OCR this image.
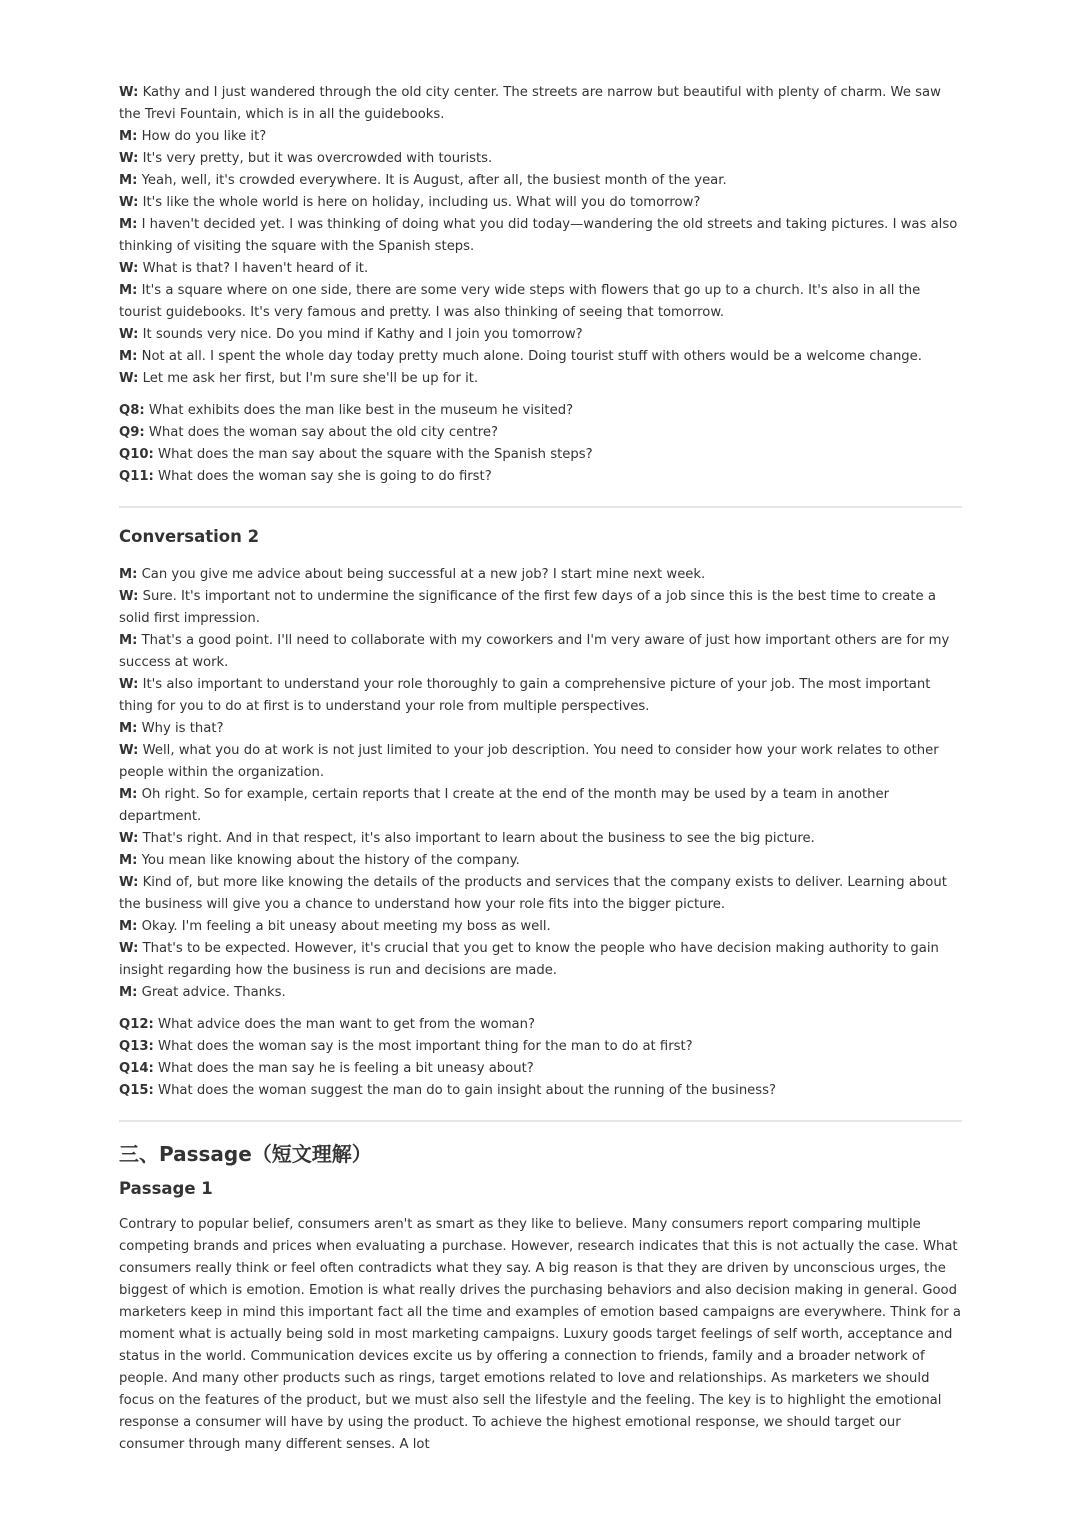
W: Kathy and I just wandered through the old city center. The streets are narrow but beautiful with plenty of charm. We saw the Trevi Fountain, which is in all the guidebooks.

M: How do you like it?

W: It's very pretty, but it was overcrowded with tourists.

M: Yeah, well, it's crowded everywhere. It is August, after all, the busiest month of the year.

W: It's like the whole world is here on holiday, including us. What will you do tomorrow?

M: I haven't decided yet. I was thinking of doing what you did today—wandering the old streets and taking pictures. I was also thinking of visiting the square with the Spanish steps.

W: What is that? I haven't heard of it.

M: It's a square where on one side, there are some very wide steps with flowers that go up to a church. It's also in all the tourist guidebooks. It's very famous and pretty. I was also thinking of seeing that tomorrow.

W: It sounds very nice. Do you mind if Kathy and I join you tomorrow?

M: Not at all. I spent the whole day today pretty much alone. Doing tourist stuff with others would be a welcome change.

W: Let me ask her first, but I'm sure she'll be up for it.

Q8: What exhibits does the man like best in the museum he visited?

Q9: What does the woman say about the old city centre?

Q10: What does the man say about the square with the Spanish steps?

Q11: What does the woman say she is going to do first?

Conversation 2

M: Can you give me advice about being successful at a new job? I start mine next week.

W: Sure. It's important not to undermine the significance of the first few days of a job since this is the best time to create a solid first impression.

M: That's a good point. I'll need to collaborate with my coworkers and I'm very aware of just how important others are for my success at work.

W: It's also important to understand your role thoroughly to gain a comprehensive picture of your job. The most important thing for you to do at first is to understand your role from multiple perspectives.

M: Why is that?

W: Well, what you do at work is not just limited to your job description. You need to consider how your work relates to other people within the organization.

M: Oh right. So for example, certain reports that I create at the end of the month may be used by a team in another department.

W: That's right. And in that respect, it's also important to learn about the business to see the big picture.

M: You mean like knowing about the history of the company.

W: Kind of, but more like knowing the details of the products and services that the company exists to deliver. Learning about the business will give you a chance to understand how your role fits into the bigger picture.

M: Okay. I'm feeling a bit uneasy about meeting my boss as well.

W: That's to be expected. However, it's crucial that you get to know the people who have decision making authority to gain insight regarding how the business is run and decisions are made.

M: Great advice. Thanks.

Q12: What advice does the man want to get from the woman?

Q13: What does the woman say is the most important thing for the man to do at first?

Q14: What does the man say he is feeling a bit uneasy about?

Q15: What does the woman suggest the man do to gain insight about the running of the business?

三、Passage（短文理解）
Passage 1

Contrary to popular belief, consumers aren't as smart as they like to believe. Many consumers report comparing multiple competing brands and prices when evaluating a purchase. However, research indicates that this is not actually the case. What consumers really think or feel often contradicts what they say. A big reason is that they are driven by unconscious urges, the biggest of which is emotion. Emotion is what really drives the purchasing behaviors and also decision making in general. Good marketers keep in mind this important fact all the time and examples of emotion based campaigns are everywhere. Think for a moment what is actually being sold in most marketing campaigns. Luxury goods target feelings of self worth, acceptance and status in the world. Communication devices excite us by offering a connection to friends, family and a broader network of people. And many other products such as rings, target emotions related to love and relationships. As marketers we should focus on the features of the product, but we must also sell the lifestyle and the feeling. The key is to highlight the emotional response a consumer will have by using the product. To achieve the highest emotional response, we should target our consumer through many different senses. A lot
